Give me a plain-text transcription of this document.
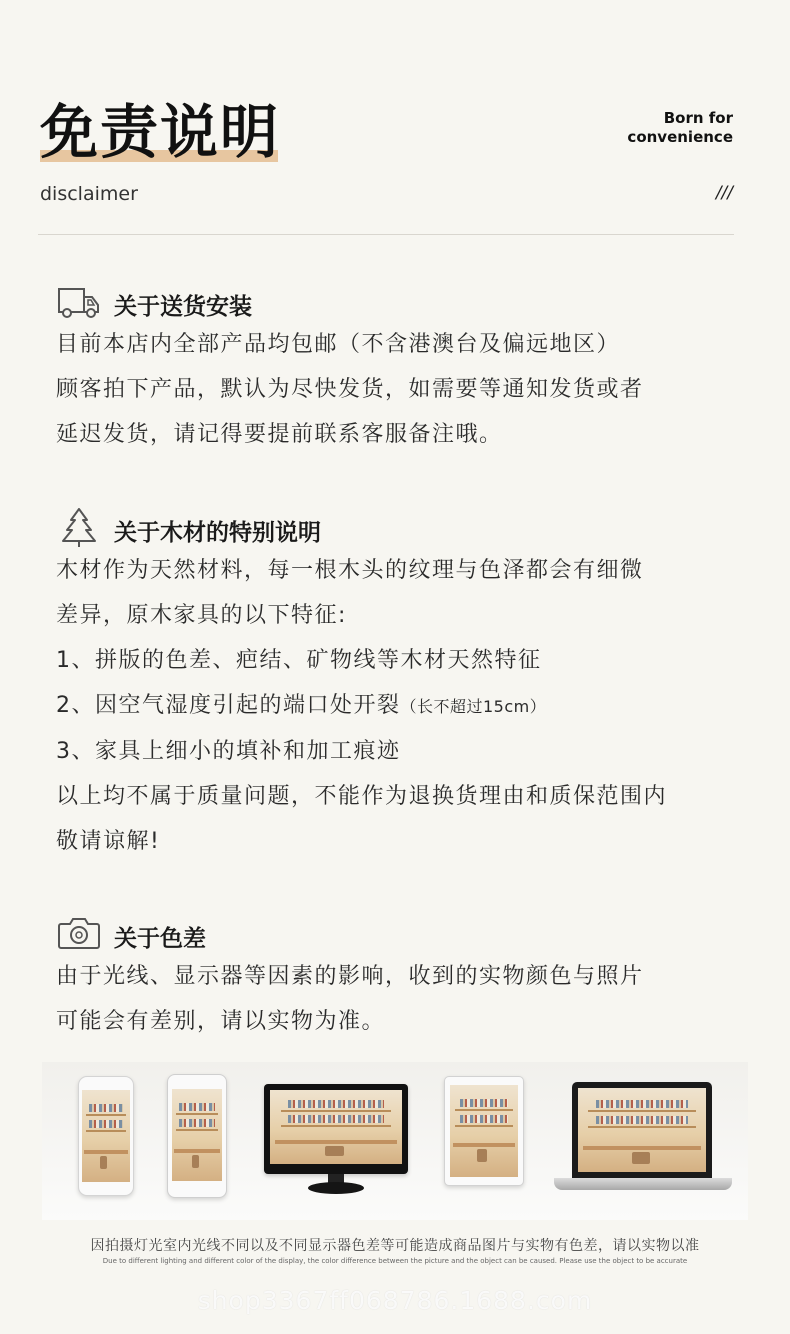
免责说明
disclaimer
Born for
convenience
///
关于送货安装
目前本店内全部产品均包邮（不含港澳台及偏远地区）
顾客拍下产品，默认为尽快发货，如需要等通知发货或者
延迟发货，请记得要提前联系客服备注哦。
关于木材的特别说明
木材作为天然材料，每一根木头的纹理与色泽都会有细微
差异，原木家具的以下特征:
1、拼版的色差、疤结、矿物线等木材天然特征
2、因空气湿度引起的端口处开裂（长不超过15cm）
3、家具上细小的填补和加工痕迹
以上均不属于质量问题，不能作为退换货理由和质保范围内
敬请谅解!
关于色差
由于光线、显示器等因素的影响，收到的实物颜色与照片
可能会有差别，请以实物为准。
因拍摄灯光室内光线不同以及不同显示器色差等可能造成商品图片与实物有色差，请以实物以准
Due to different lighting and different color of the display, the color difference between the picture and the object can be caused. Please use the object to be accurate
shop3367ff068786.1688.com
